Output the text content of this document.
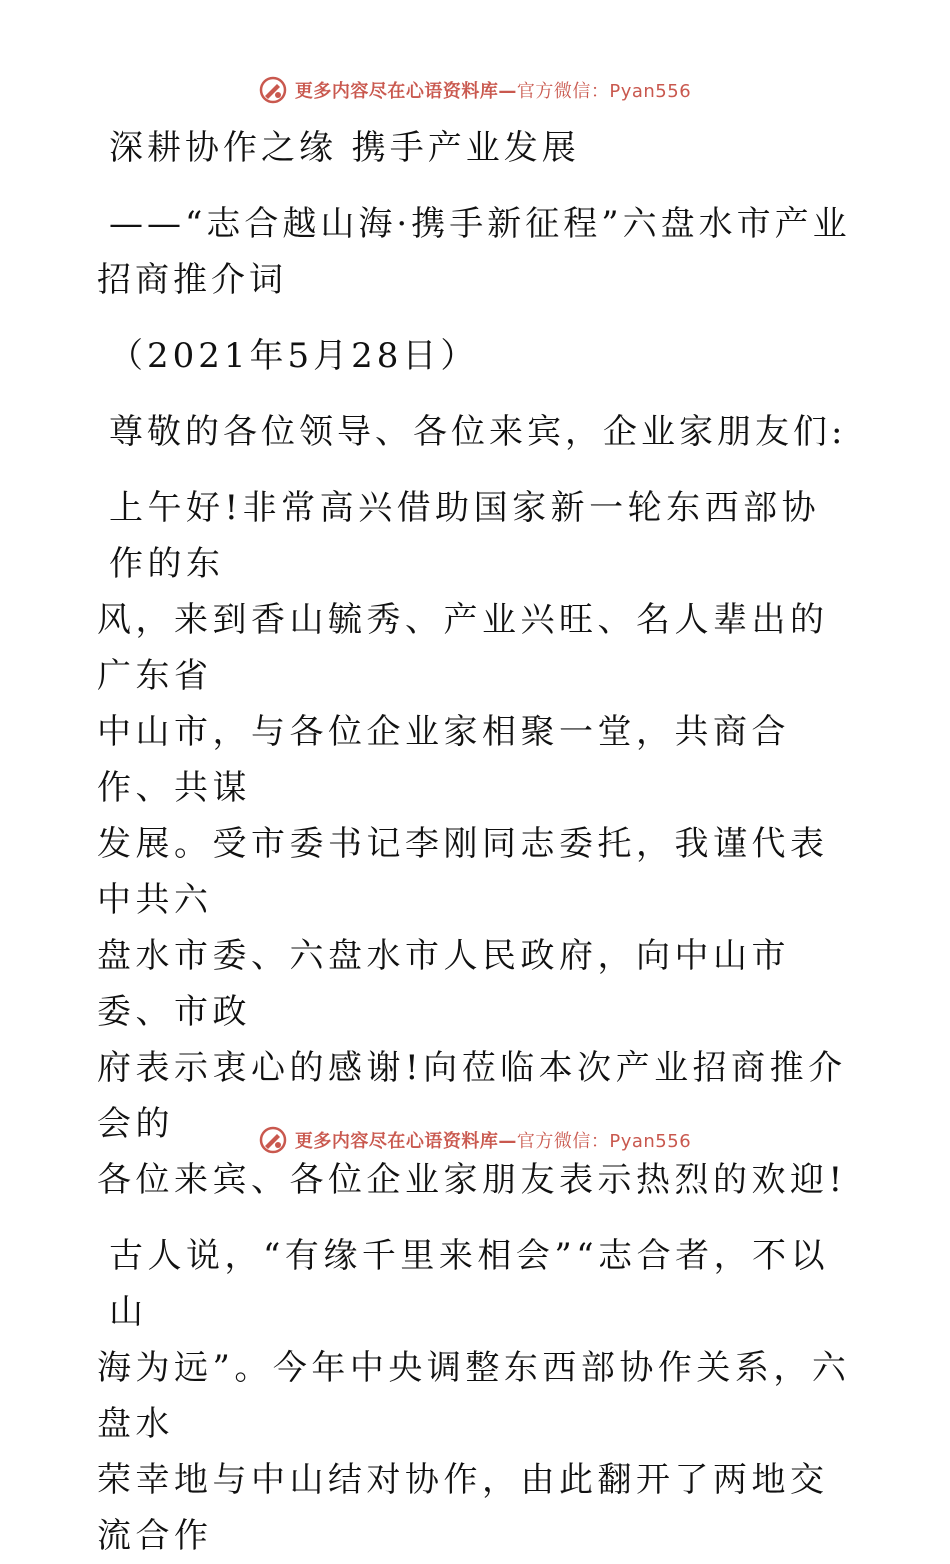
更多内容尽在心语资料库—官方微信：Pyan556

深耕协作之缘 携手产业发展

——“志合越山海·携手新征程”六盘水市产业

招商推介词

（2021年5月28日）

尊敬的各位领导、各位来宾，企业家朋友们:

上午好!非常高兴借助国家新一轮东西部协作的东

风，来到香山毓秀、产业兴旺、名人辈出的广东省

中山市，与各位企业家相聚一堂，共商合作、共谋

发展。受市委书记李刚同志委托，我谨代表中共六

盘水市委、六盘水市人民政府，向中山市委、市政

府表示衷心的感谢!向莅临本次产业招商推介会的

各位来宾、各位企业家朋友表示热烈的欢迎!

古人说，“有缘千里来相会”“志合者，不以山

海为远”。今年中央调整东西部协作关系，六盘水

荣幸地与中山结对协作，由此翻开了两地交流合作

更多内容尽在心语资料库—官方微信：Pyan556
